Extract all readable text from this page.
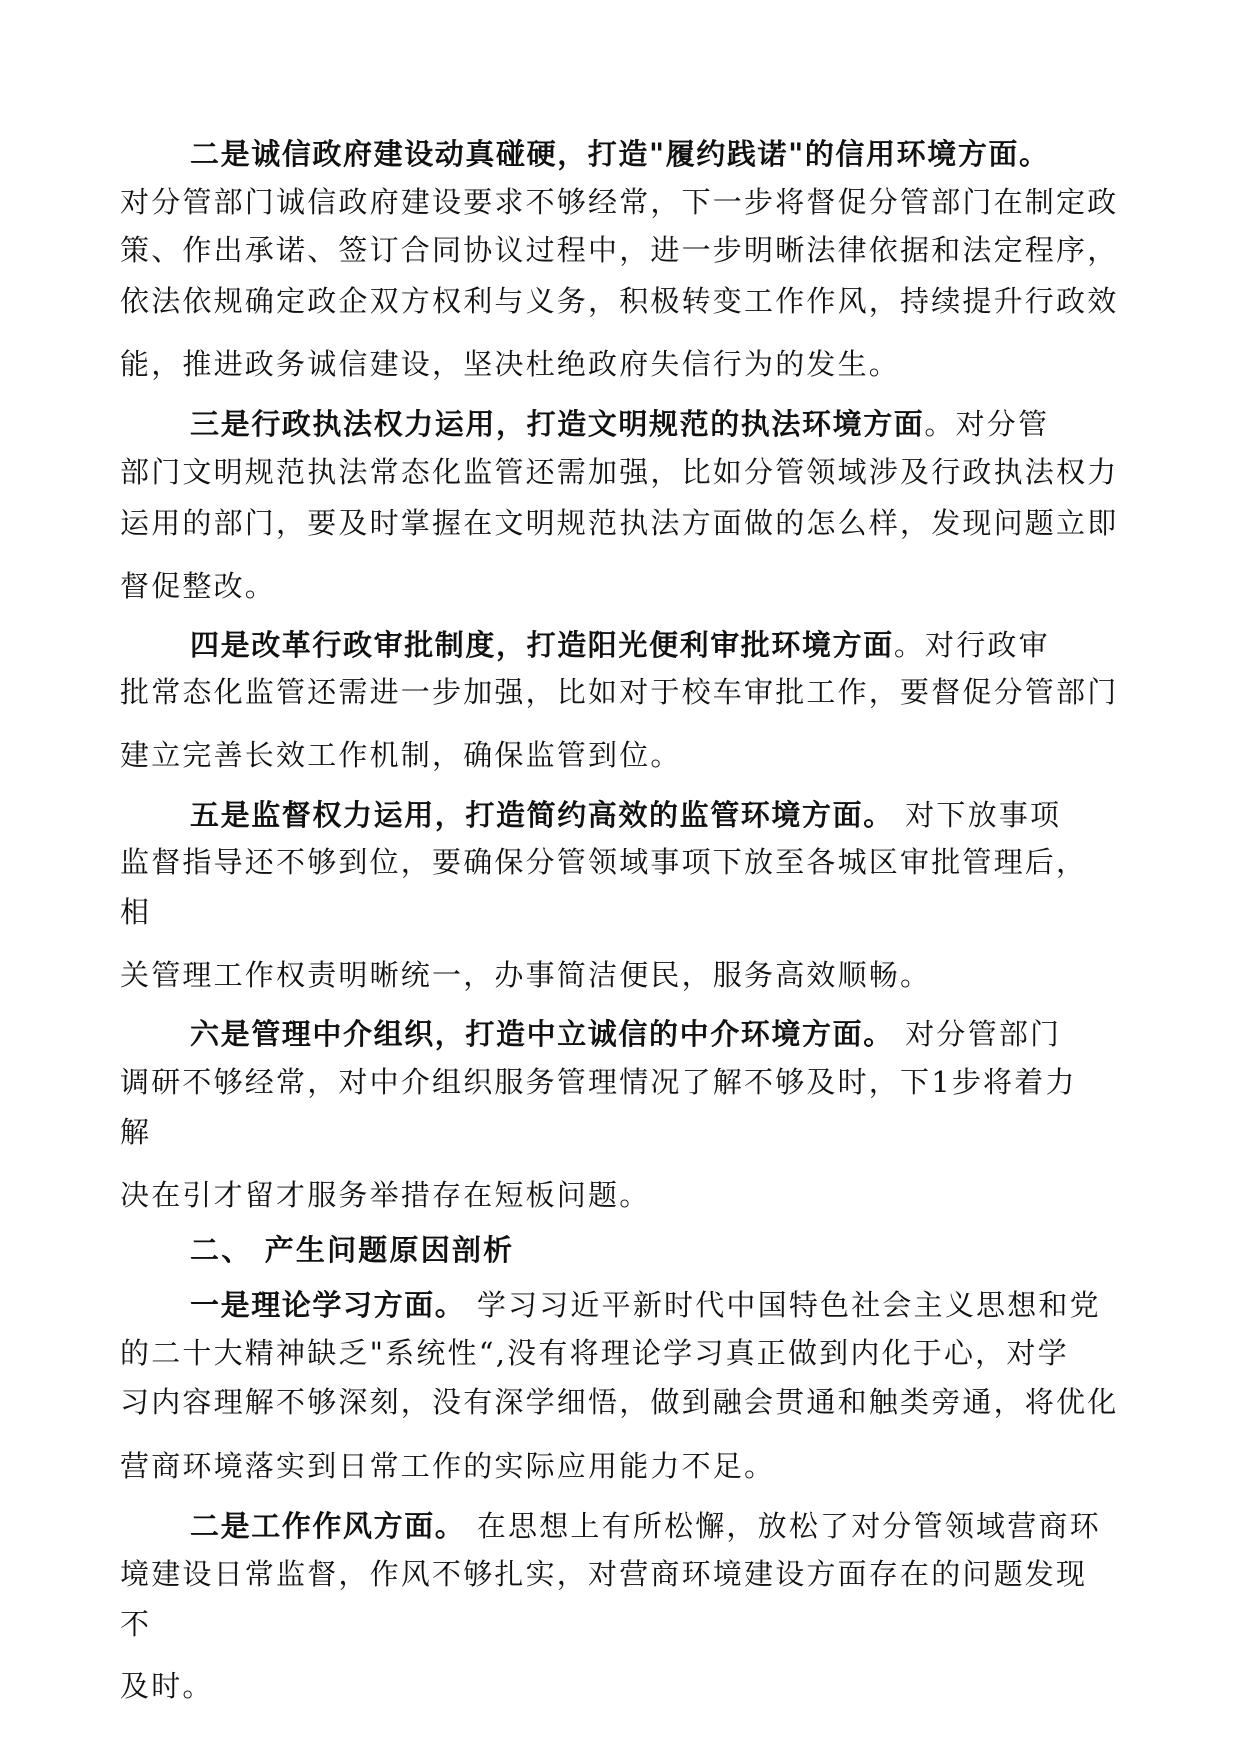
二是诚信政府建设动真碰硬，打造"履约践诺"的信用环境方面。
对分管部门诚信政府建设要求不够经常，下一步将督促分管部门在制定政
策、作出承诺、签订合同协议过程中，进一步明晰法律依据和法定程序，
依法依规确定政企双方权利与义务，积极转变工作作风，持续提升行政效
能，推进政务诚信建设，坚决杜绝政府失信行为的发生。
三是行政执法权力运用，打造文明规范的执法环境方面。对分管
部门文明规范执法常态化监管还需加强，比如分管领域涉及行政执法权力
运用的部门，要及时掌握在文明规范执法方面做的怎么样，发现问题立即
督促整改。
四是改革行政审批制度，打造阳光便利审批环境方面。对行政审
批常态化监管还需进一步加强，比如对于校车审批工作，要督促分管部门
建立完善长效工作机制，确保监管到位。
五是监督权力运用，打造简约高效的监管环境方面。 对下放事项
监督指导还不够到位，要确保分管领域事项下放至各城区审批管理后，
相
关管理工作权责明晰统一，办事简洁便民，服务高效顺畅。
六是管理中介组织，打造中立诚信的中介环境方面。 对分管部门
调研不够经常，对中介组织服务管理情况了解不够及时，下1步将着力
解
决在引才留才服务举措存在短板问题。
二、 产生问题原因剖析
一是理论学习方面。 学习习近平新时代中国特色社会主义思想和党
的二十大精神缺乏"系统性“,没有将理论学习真正做到内化于心，对学
习内容理解不够深刻，没有深学细悟，做到融会贯通和触类旁通，将优化
营商环境落实到日常工作的实际应用能力不足。
二是工作作风方面。 在思想上有所松懈，放松了对分管领域营商环
境建设日常监督，作风不够扎实，对营商环境建设方面存在的问题发现
不
及时。
